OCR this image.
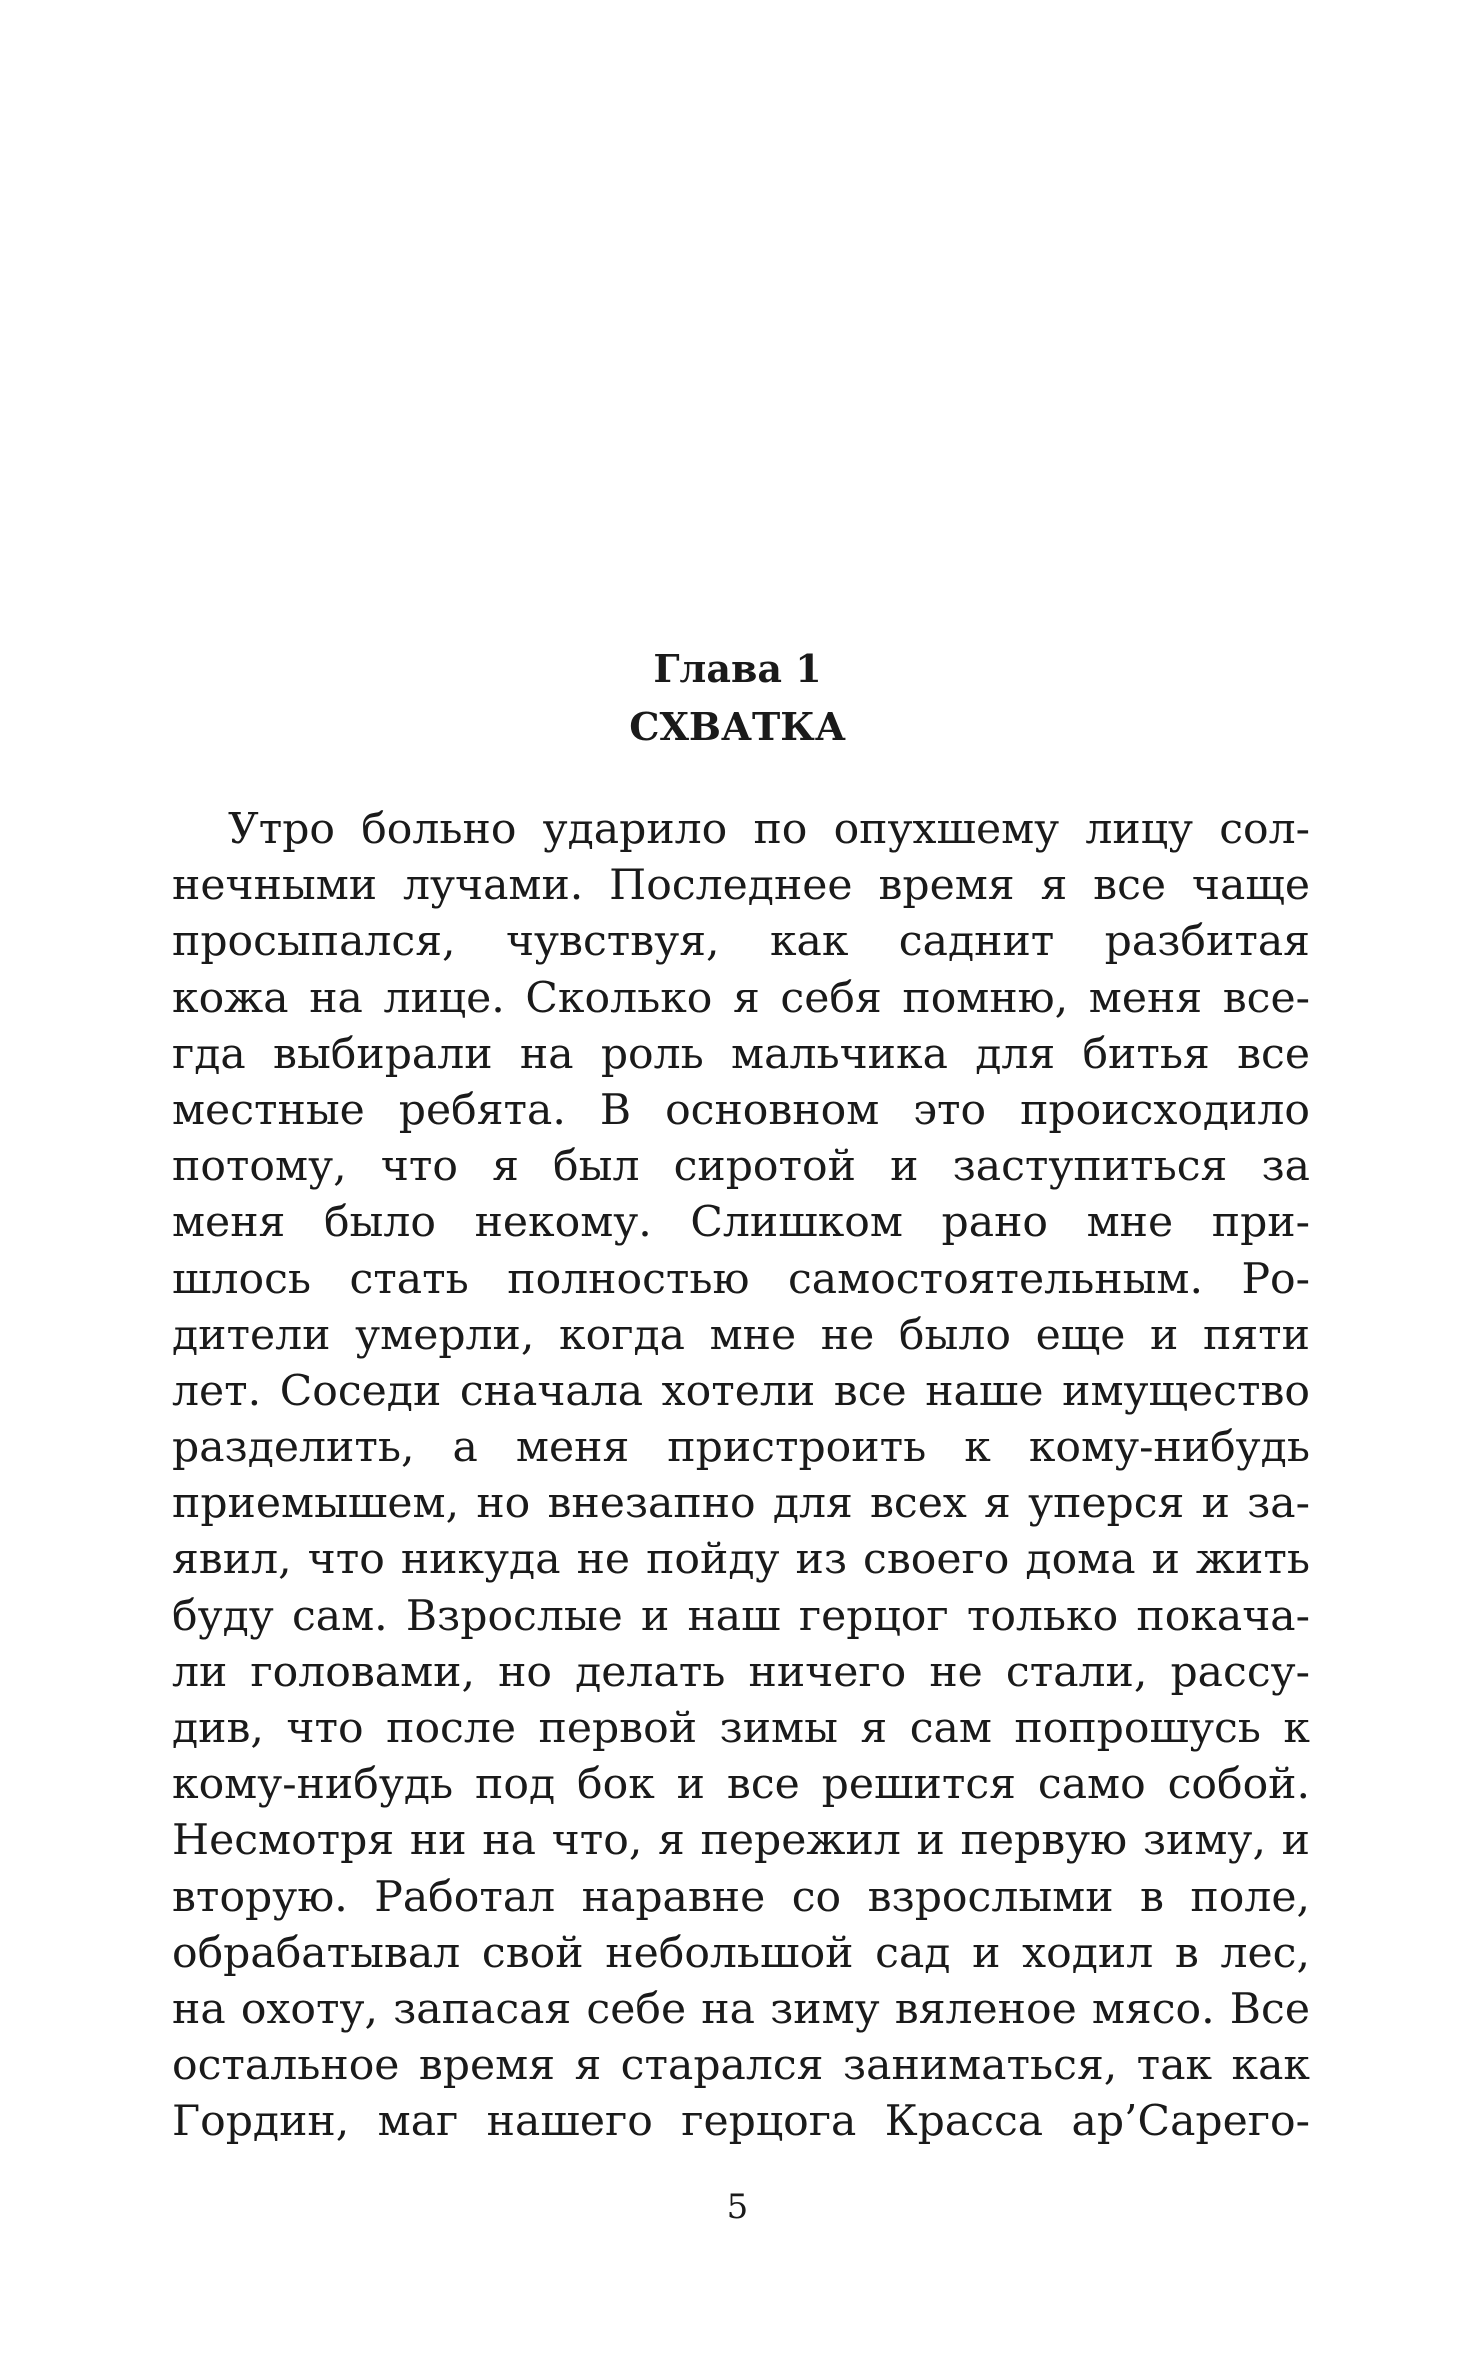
Глава 1
СХВАТКА
Утро больно ударило по опухшему лицу сол-
нечными лучами. Последнее время я все чаще
просыпался, чувствуя, как саднит разбитая
кожа на лице. Сколько я себя помню, меня все-
гда выбирали на роль мальчика для битья все
местные ребята. В основном это происходило
потому, что я был сиротой и заступиться за
меня было некому. Слишком рано мне при-
шлось стать полностью самостоятельным. Ро-
дители умерли, когда мне не было еще и пяти
лет. Соседи сначала хотели все наше имущество
разделить, а меня пристроить к кому-нибудь
приемышем, но внезапно для всех я уперся и за-
явил, что никуда не пойду из своего дома и жить
буду сам. Взрослые и наш герцог только покача-
ли головами, но делать ничего не стали, рассу-
див, что после первой зимы я сам попрошусь к
кому-нибудь под бок и все решится само собой.
Несмотря ни на что, я пережил и первую зиму, и
вторую. Работал наравне со взрослыми в поле,
обрабатывал свой небольшой сад и ходил в лес,
на охоту, запасая себе на зиму вяленое мясо. Все
остальное время я старался заниматься, так как
Гордин, маг нашего герцога Красса ар’Сарего-
5
